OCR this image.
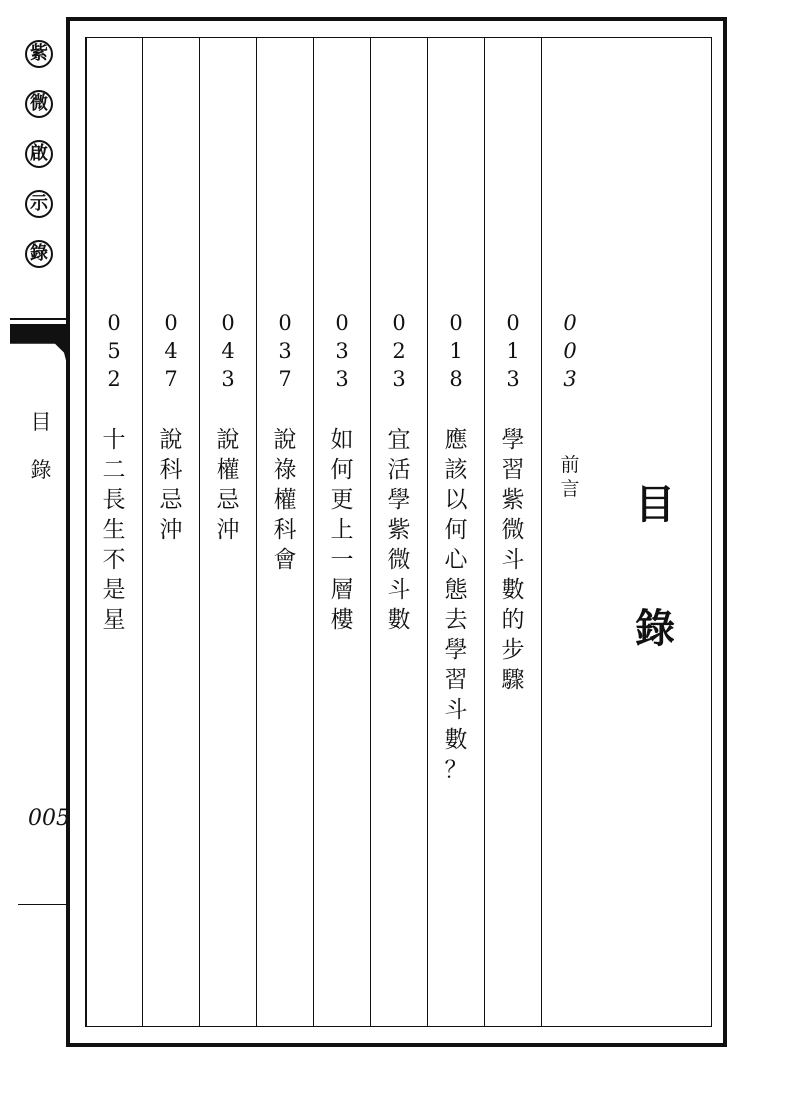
紫
微
啟
示
錄
目錄
005
目
錄
0
0
3
前
言
0
1
3
學
習
紫
微
斗
數
的
步
驟
0
1
8
應
該
以
何
心
態
去
學
習
斗
數
？
0
2
3
宜
活
學
紫
微
斗
數
0
3
3
如
何
更
上
一
層
樓
0
3
7
說
祿
權
科
會
0
4
3
說
權
忌
沖
0
4
7
說
科
忌
沖
0
5
2
十
二
長
生
不
是
星
